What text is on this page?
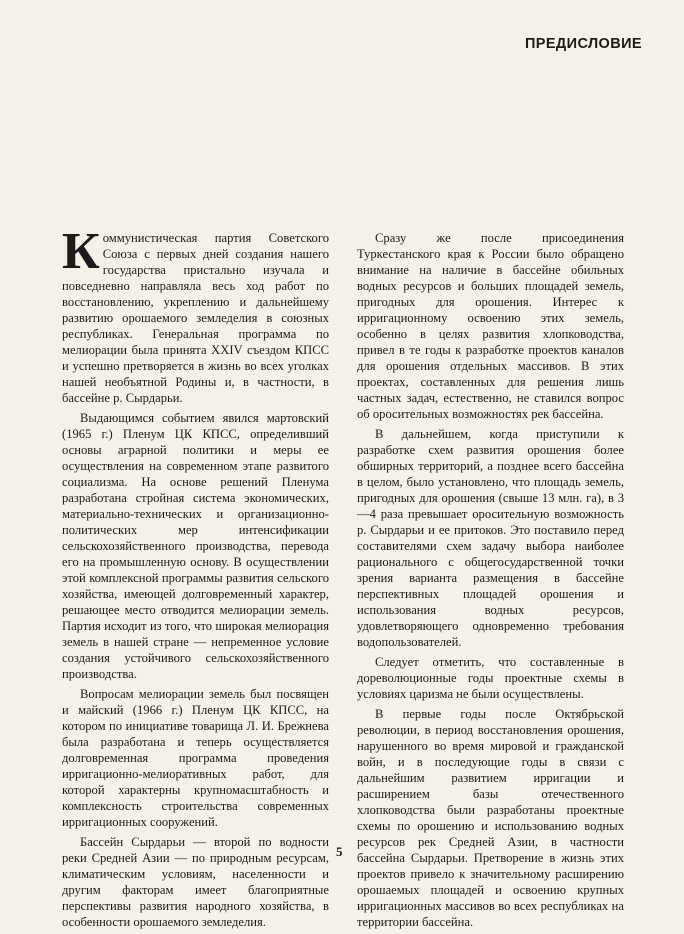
ПРЕДИСЛОВИЕ

Коммунистическая партия Советского Союза с первых дней создания нашего государства пристально изучала и повседневно направляла весь ход работ по восстановлению, укреплению и дальнейшему развитию орошаемого земледелия в союзных республиках. Генеральная программа по мелиорации была принята XXIV съездом КПСС и успешно претворяется в жизнь во всех уголках нашей необъятной Родины и, в частности, в бассейне р. Сырдарьи.

Выдающимся событием явился мартовский (1965 г.) Пленум ЦК КПСС, определивший основы аграрной политики и меры ее осуществления на современном этапе развитого социализма. На основе решений Пленума разработана стройная система экономических, материально-технических и организационно-политических мер интенсификации сельскохозяйственного производства, перевода его на промышленную основу. В осуществлении этой комплексной программы развития сельского хозяйства, имеющей долговременный характер, решающее место отводится мелиорации земель. Партия исходит из того, что широкая мелиорация земель в нашей стране — непременное условие создания устойчивого сельскохозяйственного производства.

Вопросам мелиорации земель был посвящен и майский (1966 г.) Пленум ЦК КПСС, на котором по инициативе товарища Л. И. Брежнева была разработана и теперь осуществляется долговременная программа проведения ирригационно-мелиоративных работ, для которой характерны крупномасштабность и комплексность строительства современных ирригационных сооружений.

Бассейн Сырдарьи — второй по водности реки Средней Азии — по природным ресурсам, климатическим условиям, населенности и другим факторам имеет благоприятные перспективы развития народного хозяйства, в особенности орошаемого земледелия.

Сразу же после присоединения Туркестанского края к России было обращено внимание на наличие в бассейне обильных водных ресурсов и больших площадей земель, пригодных для орошения. Интерес к ирригационному освоению этих земель, особенно в целях развития хлопководства, привел в те годы к разработке проектов каналов для орошения отдельных массивов. В этих проектах, составленных для решения лишь частных задач, естественно, не ставился вопрос об оросительных возможностях рек бассейна.

В дальнейшем, когда приступили к разработке схем развития орошения более обширных территорий, а позднее всего бассейна в целом, было установлено, что площадь земель, пригодных для орошения (свыше 13 млн. га), в 3—4 раза превышает оросительную возможность р. Сырдарьи и ее притоков. Это поставило перед составителями схем задачу выбора наиболее рационального с общегосударственной точки зрения варианта размещения в бассейне перспективных площадей орошения и использования водных ресурсов, удовлетворяющего одновременно требования водопользователей.

Следует отметить, что составленные в дореволюционные годы проектные схемы в условиях царизма не были осуществлены.

В первые годы после Октябрьской революции, в период восстановления орошения, нарушенного во время мировой и гражданской войн, и в последующие годы в связи с дальнейшим развитием ирригации и расширением базы отечественного хлопководства были разработаны проектные схемы по орошению и использованию водных ресурсов рек Средней Азии, в частности бассейна Сырдарьи. Претворение в жизнь этих проектов привело к значительному расширению орошаемых площадей и освоению крупных ирригационных массивов во всех республиках на территории бассейна.

5
